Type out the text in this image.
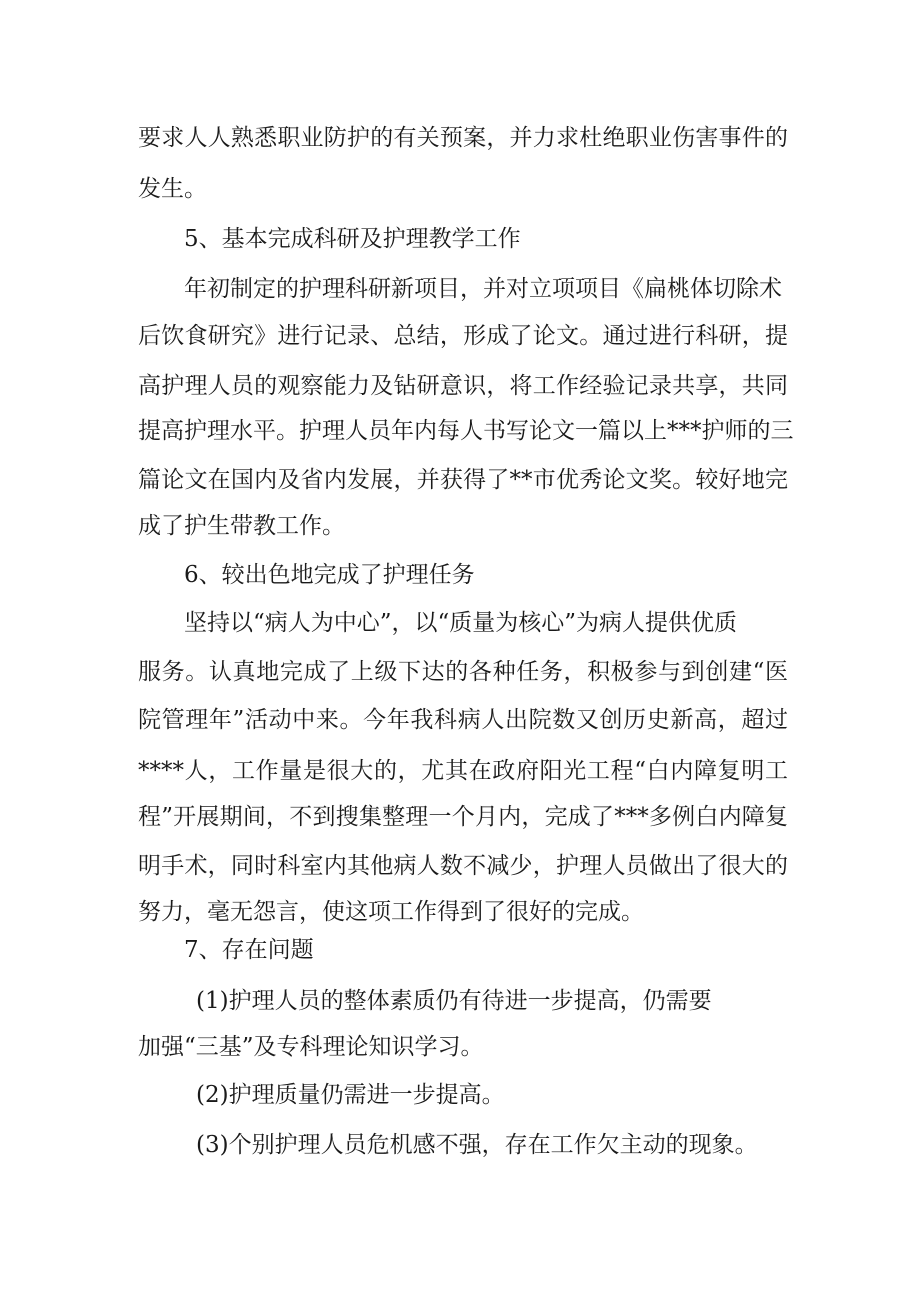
要求人人熟悉职业防护的有关预案，并力求杜绝职业伤害事件的
发生。
5、基本完成科研及护理教学工作
年初制定的护理科研新项目，并对立项项目《扁桃体切除术
后饮食研究》进行记录、总结，形成了论文。通过进行科研，提
高护理人员的观察能力及钻研意识，将工作经验记录共享，共同
提高护理水平。护理人员年内每人书写论文一篇以上***护师的三
篇论文在国内及省内发展，并获得了**市优秀论文奖。较好地完
成了护生带教工作。
6、较出色地完成了护理任务
坚持以“病人为中心”，以“质量为核心”为病人提供优质
服务。认真地完成了上级下达的各种任务，积极参与到创建“医
院管理年”活动中来。今年我科病人出院数又创历史新高，超过
****人，工作量是很大的，尤其在政府阳光工程“白内障复明工
程”开展期间，不到搜集整理一个月内，完成了***多例白内障复
明手术，同时科室内其他病人数不减少，护理人员做出了很大的
努力，毫无怨言，使这项工作得到了很好的完成。
7、存在问题
(1)护理人员的整体素质仍有待进一步提高，仍需要
加强“三基”及专科理论知识学习。
(2)护理质量仍需进一步提高。
(3)个别护理人员危机感不强，存在工作欠主动的现象。
